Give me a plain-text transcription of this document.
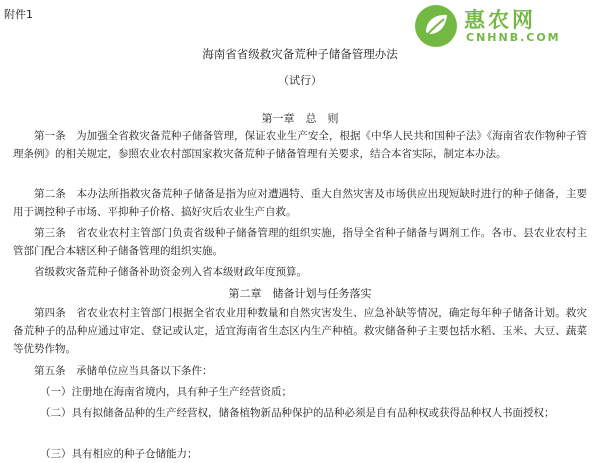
附件1	惠农网
CNHNB.COM
海南省省级救灾备荒种子储备管理办法
（试行）
第一章　总　则
第一条　为加强全省救灾备荒种子储备管理，保证农业生产安全，根据《中华人民共和国种子法》《海南省农作物种子管理条例》的相关规定，参照农业农村部国家救灾备荒种子储备管理有关要求，结合本省实际，制定本办法。
第二条　本办法所指救灾备荒种子储备是指为应对遭遇特、重大自然灾害及市场供应出现短缺时进行的种子储备，主要用于调控种子市场、平抑种子价格、搞好灾后农业生产自救。
第三条　省农业农村主管部门负责省级种子储备管理的组织实施，指导全省种子储备与调剂工作。各市、县农业农村主管部门配合本辖区种子储备管理的组织实施。
省级救灾备荒种子储备补助资金列入省本级财政年度预算。
第二章　储备计划与任务落实
第四条　省农业农村主管部门根据全省农业用种数量和自然灾害发生、应急补缺等情况，确定每年种子储备计划。救灾备荒种子的品种应通过审定、登记或认定，适宜海南省生态区内生产种植。救灾储备种子主要包括水稻、玉米、大豆、蔬菜等优势作物。
第五条　承储单位应当具备以下条件：
（一）注册地在海南省境内，具有种子生产经营资质；
（二）具有拟储备品种的生产经营权，储备植物新品种保护的品种必须是自有品种权或获得品种权人书面授权；
（三）具有相应的种子仓储能力；
